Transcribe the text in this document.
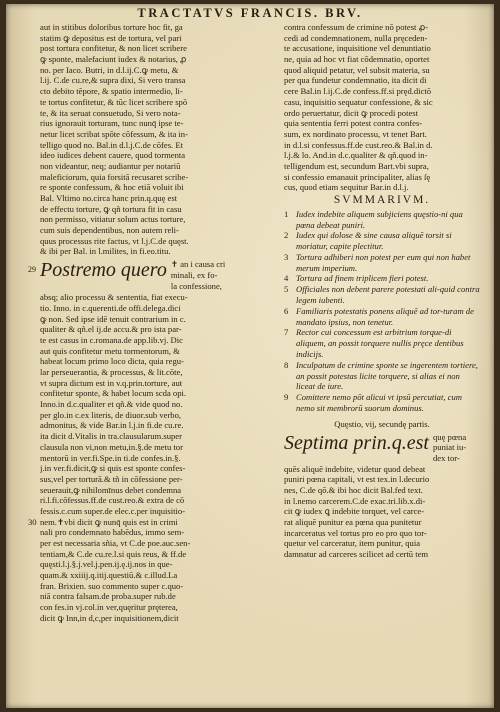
TRACTATVS FRANCIS. BRV.
aut in stitibus doloribus torture hoc fit, ga
statim ꝙ depositus est de tortura, vel pari
post tortura confitetur, & non licet scribere
ꝙ sponte, malefaciunt iudex & notarius, ꝓ
no. per Iaco. Butri, in d.l.ij.C.ꝙ metu, &
l.ij. C.de cu.re,& supra dixi, Si vero transa
cto debito tēpore, & spatio intermedio, li-
te tortus confitetur, & tūc licet scribere spō
te, & ita seruat consuetudo, Si vero nota-
rius ignorauit torturam, tunc nunq̄ ipse te-
netur licet scribat spōte cōfessum, & ita in-
telligo quod no. Bal.in d.l.j.C.de cōfes. Et
ideo iudices debent cauere, quod tormenta
non videantur, neq; audiantur per notariū
maleficiorum, quia forsitā recusaret scribe-
re sponte confessum, & hoc etiā voluit ibi
Bal. Vltimo no.circa hanc prin.q.quę est
de effectu torture, ꝙ qñ tortura fit in casu
non permisso, vitiatur solum actus torture,
cum suis dependentibus, non autem reli-
quus processus rite factus, vt l.j.C.de quęst.
& ibi per Bal. in l.milites, in fi.eo.titu.
29 Postremo quero ✝ an i causa cri
minali, ex fo-
la confessione,
absq; alio processu & sententia, fiat execu-
tio. Inno. in c.querenti.de offi.delega.dici
ꝙ non. Sed ipse idē tenuit contrarium in c.
qualiter & qñ.el ij.de accu.& pro ista par-
te est casus in c.romana.de app.lib.vj. Dic
aut quis confitetur metu tormentorum, &
habeat locum primo loco dicta, quia regu-
lar perseuerantia, & processus, & lit.cōte,
vt supra dictum est in v.q.prin.torture, aut
confitetur sponte, & habet locum scda opi.
Inno.in d.c.qualiter et qñ.& vide quod no.
per glo.in c.ex literis, de diuor.sub verbo,
admonitus, & vide Bar.in l.j.in fi.de cu.re.
ita dicit d.Vitalis in tra.clausularum.super
clausula non vi,non metu,in.§.de metu tor
mentorū in ver.fi.Spe.in ti.de confes.in.§.
j.in ver.fi.dicit,ꝙ si quis est sponte confes-
sus,vel per torturā.& tñ in cōfessione per-
seuerauit,ꝙ nihilomīnus debet condemna
ri.l.fi.cōfessus.ff.de cust.reo.& extra de cō
fessis.c.cum super.de elec.c.per inquisitio-
30 nem.✝vbi dicit ꝙ nunq̄ quis est in crimi
nali pro condemnato habēdus, immo sem-
per est necessaria sñia, vt C.de poe.auc.sen-
tentiam,& C.de cu.re.l.si quis reus, & ff.de
quęsti.l.j.§.j.vel.j.pen.ij.ę.ij.nos in que-
quam.& xxiiij.q.itij.questiū.& c.illud.La
fran. Brixien. suo commento super c.quo-
niā contra falsam.de proba.super rub.de
con fes.in vj.col.in ver,quęritur pręterea,
dicit ꝙ Inn,in d,c,per inquisitionem,dicit
contra confessum de crimine nō potest ꝓ-
cedi ad condemnationem, nulla pręceden-
te accusatione, inquisitione vel denuntiatio
ne, quia ad hoc vt fiat cōdemnatio, oportet
quod aliquid petatur, vel subsit materia, su
per qua fundetur condemnatio, ita dicit di
cere Bal.in l.ij.C.de confess.ff.si pręd.dictō
casu, inquisitio sequatur confessione, & sic
ordo peruertatur, dicit ꝙ procedi potest
quia sententia ferri potest contra confes-
sum, ex nordinato processu, vt tenet Bart.
in d.l.si confessus.ff.de cust.reo.& Bal.in d.
l.j.& lo. And.in d.c.qualiter & qñ.quod in-
telligendum est, secundum Bart.vbi supra,
si confessio emanauit principaliter, alias ſę
cus, quod etiam sequitur Bar.in d.l.j.
SVMMARIVM.
1 Iudex indebite aliquem subjiciens quęstio-ni qua pœna debeat puniri.
2 Iudex qui dolose & sine causa aliquē torsit si moriatur, capite plectitur.
3 Tortura adhiberi non potest per eum qui non habet merum imperium.
4 Tortura ad finem triplicem fieri potest.
5 Officiales non debent parere potestati ali-quid contra legem iubenti.
6 Familiaris potestatis ponens aliquē ad tor-turam de mandato ipsius, non tenetur.
7 Rector cui concessum est arbitrium torque-di aliquem, an possit torquere nullis pręce dentibus indicijs.
8 Inculpatum de crimine sponte se ingerentem tortiere, an possit potestas licite torquere, si alias ei non liceat de iure.
9 Comittere nemo pōt alicui vt ipsū percutiat, cum nemo sit membrorū suorum dominus.
Quęstio, vij, secundę partis.
Septima prin.q.est quę pœna
puniat iu-
dex tor-
quēs aliquē indebite, videtur quod debeat
puniri pœna capitali, vt est tex.in l.decurio
nes, C.de qō.& ibi hoc dicit Bal.fed text.
in l.nemo carcerem.C.de exac.tri.lib.x.di-
cit ꝙ iudex ꝗ indebite torquet, vel carce-
rat aliquē punitur ea pœna qua punitetur
incarceratus vel tortus pro eo pro quo tor-
quetur vel carceratur, item punitur, quia
damnatur ad carceres scilicet ad certū tem
